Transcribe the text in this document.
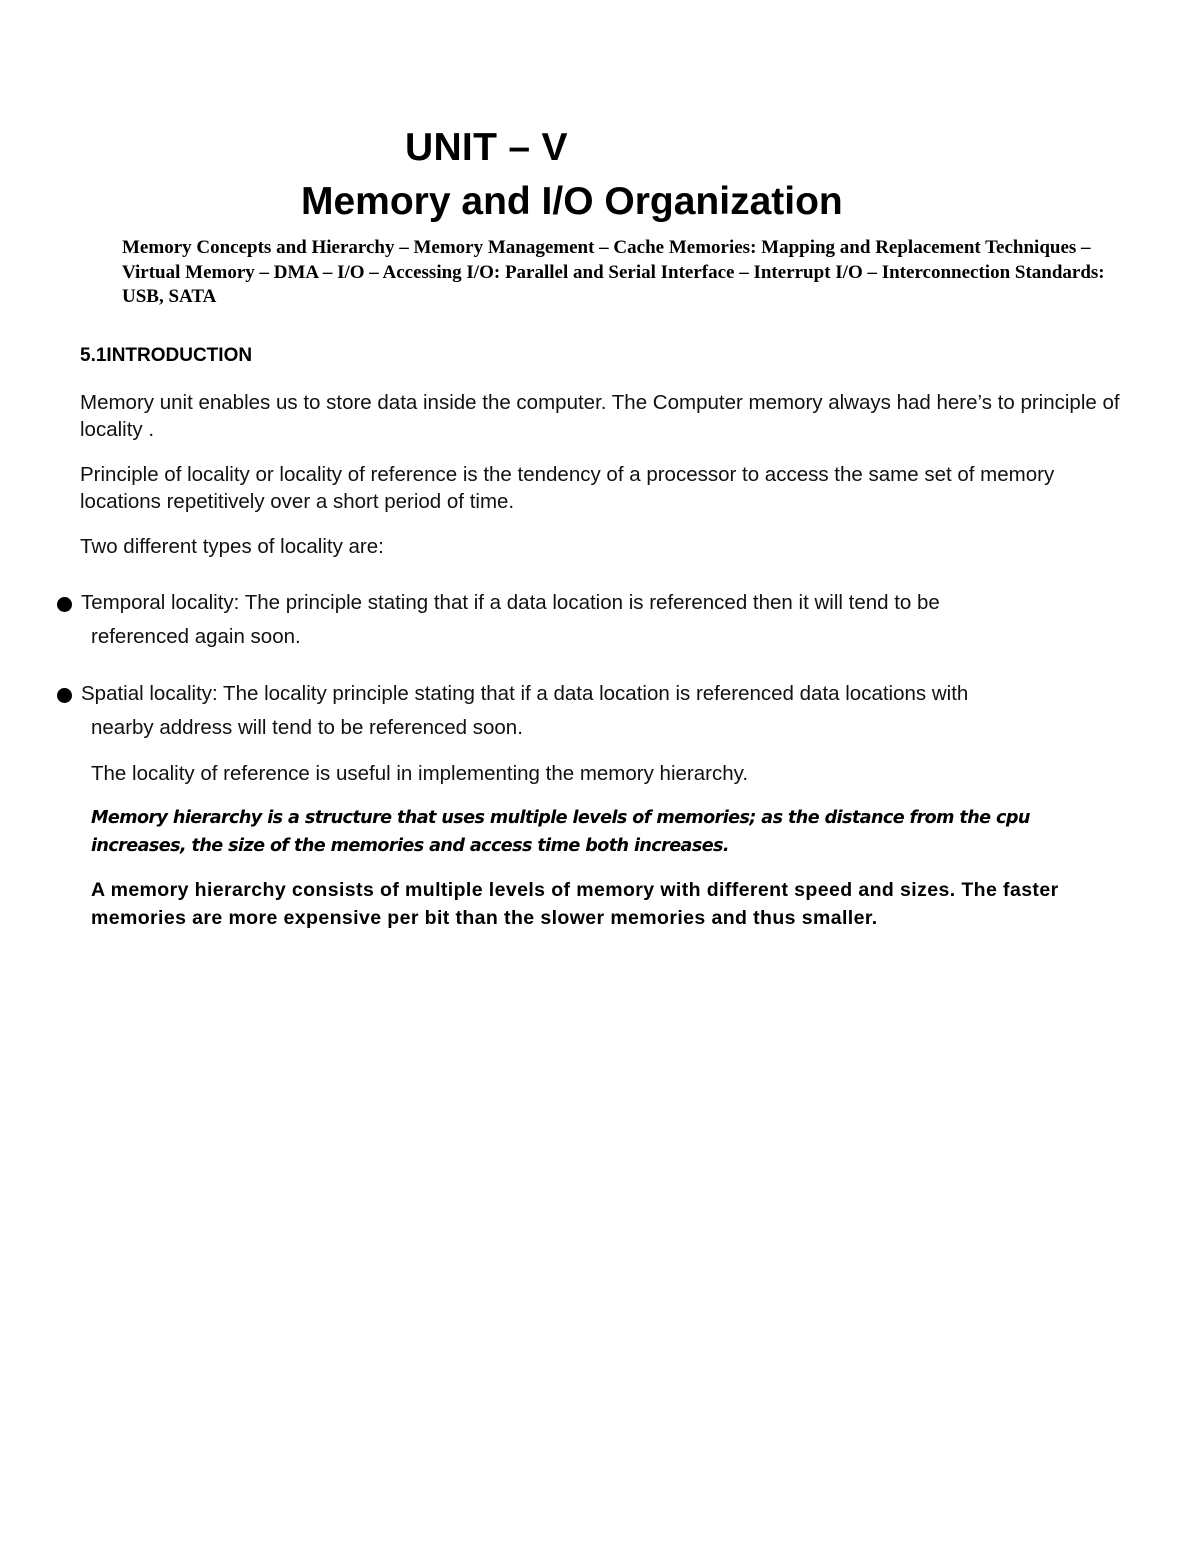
UNIT – V
Memory and I/O Organization

Memory Concepts and Hierarchy – Memory Management – Cache Memories: Mapping and Replacement Techniques – Virtual Memory – DMA – I/O – Accessing I/O: Parallel and Serial Interface – Interrupt I/O – Interconnection Standards: USB, SATA

5.1INTRODUCTION

Memory unit enables us to store data inside the computer. The Computer memory always had here’s to principle of locality .

Principle of locality or locality of reference is the tendency of a processor to access the same set of memory locations repetitively over a short period of time.

Two different types of locality are:

Temporal locality: The principle stating that if a data location is referenced then it will tend to be
referenced again soon.
Spatial locality: The locality principle stating that if a data location is referenced data locations with
nearby address will tend to be referenced soon.

The locality of reference is useful in implementing the memory hierarchy.

Memory hierarchy is a structure that uses multiple levels of memories; as the distance from the cpu increases, the size of the memories and access time both increases.

A memory hierarchy consists of multiple levels of memory with different speed and sizes. The faster memories are more expensive per bit than the slower memories and thus smaller.
